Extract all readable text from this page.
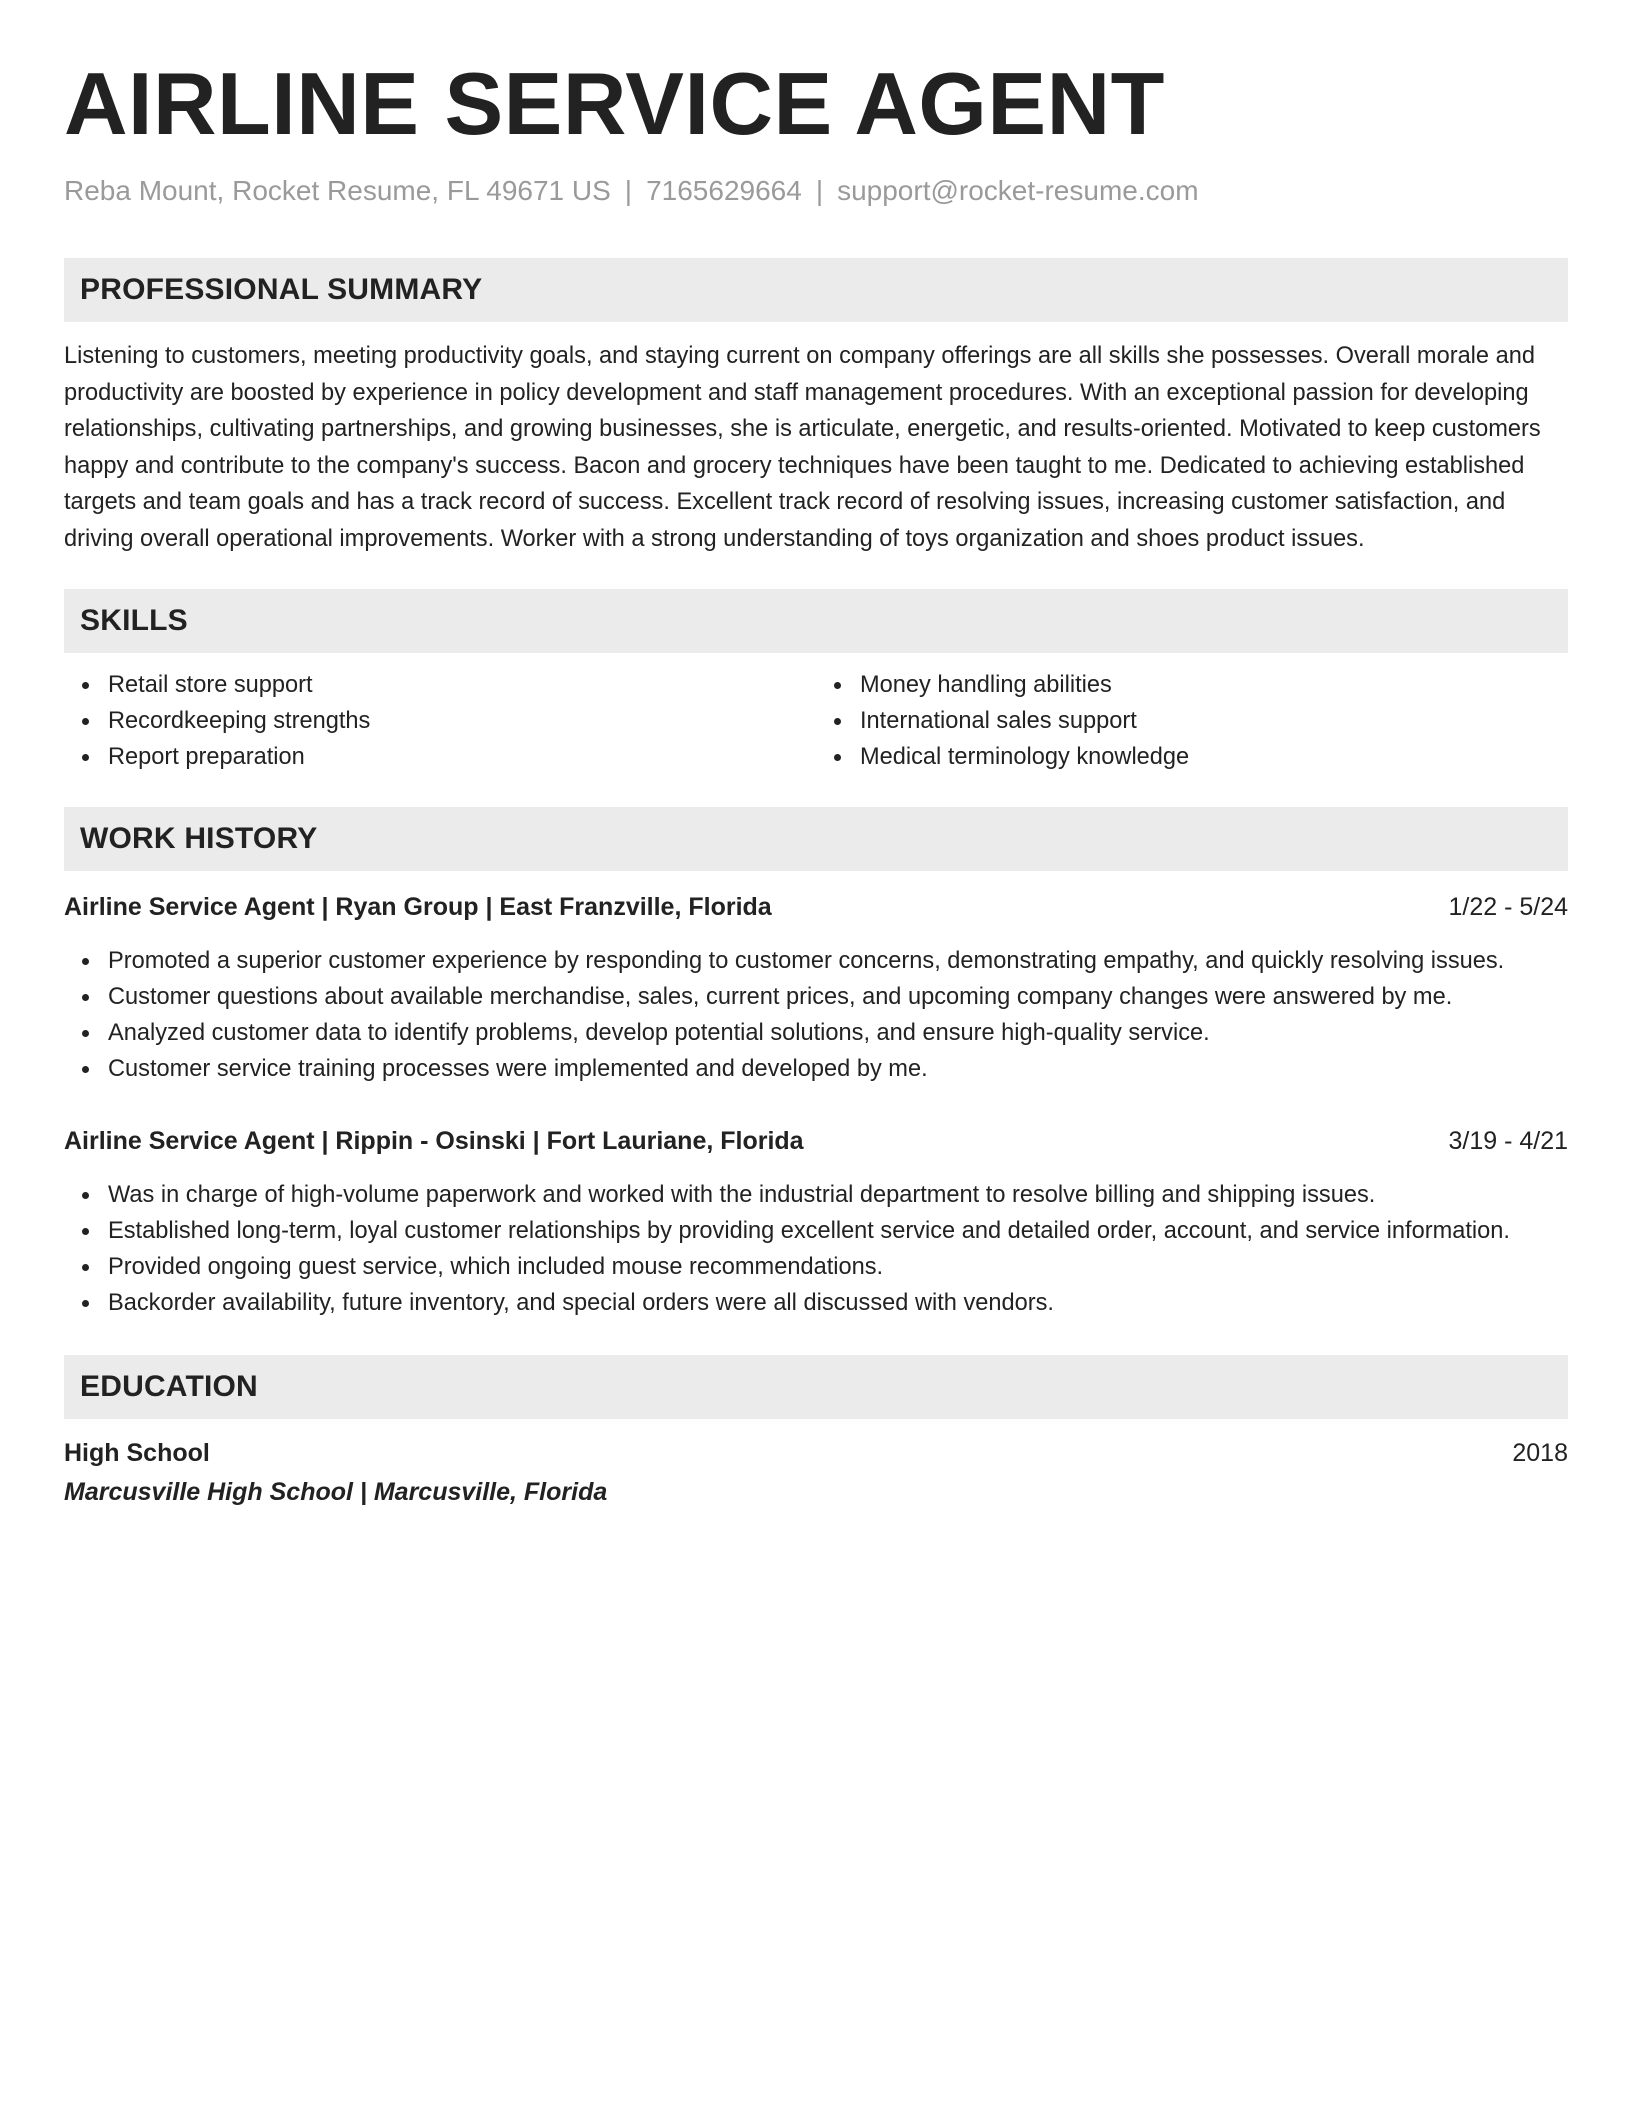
AIRLINE SERVICE AGENT
Reba Mount, Rocket Resume, FL 49671 US | 7165629664 | support@rocket-resume.com
PROFESSIONAL SUMMARY

Listening to customers, meeting productivity goals, and staying current on company offerings are all skills she possesses. Overall morale and productivity are boosted by experience in policy development and staff management procedures. With an exceptional passion for developing relationships, cultivating partnerships, and growing businesses, she is articulate, energetic, and results-oriented. Motivated to keep customers happy and contribute to the company's success. Bacon and grocery techniques have been taught to me. Dedicated to achieving established targets and team goals and has a track record of success. Excellent track record of resolving issues, increasing customer satisfaction, and driving overall operational improvements. Worker with a strong understanding of toys organization and shoes product issues.

SKILLS
Retail store support
Recordkeeping strengths
Report preparation
Money handling abilities
International sales support
Medical terminology knowledge
WORK HISTORY
Airline Service Agent | Ryan Group | East Franzville, Florida	1/22 - 5/24
Promoted a superior customer experience by responding to customer concerns, demonstrating empathy, and quickly resolving issues.
Customer questions about available merchandise, sales, current prices, and upcoming company changes were answered by me.
Analyzed customer data to identify problems, develop potential solutions, and ensure high-quality service.
Customer service training processes were implemented and developed by me.
Airline Service Agent | Rippin - Osinski | Fort Lauriane, Florida	3/19 - 4/21
Was in charge of high-volume paperwork and worked with the industrial department to resolve billing and shipping issues.
Established long-term, loyal customer relationships by providing excellent service and detailed order, account, and service information.
Provided ongoing guest service, which included mouse recommendations.
Backorder availability, future inventory, and special orders were all discussed with vendors.
EDUCATION
High School	2018
Marcusville High School | Marcusville, Florida
